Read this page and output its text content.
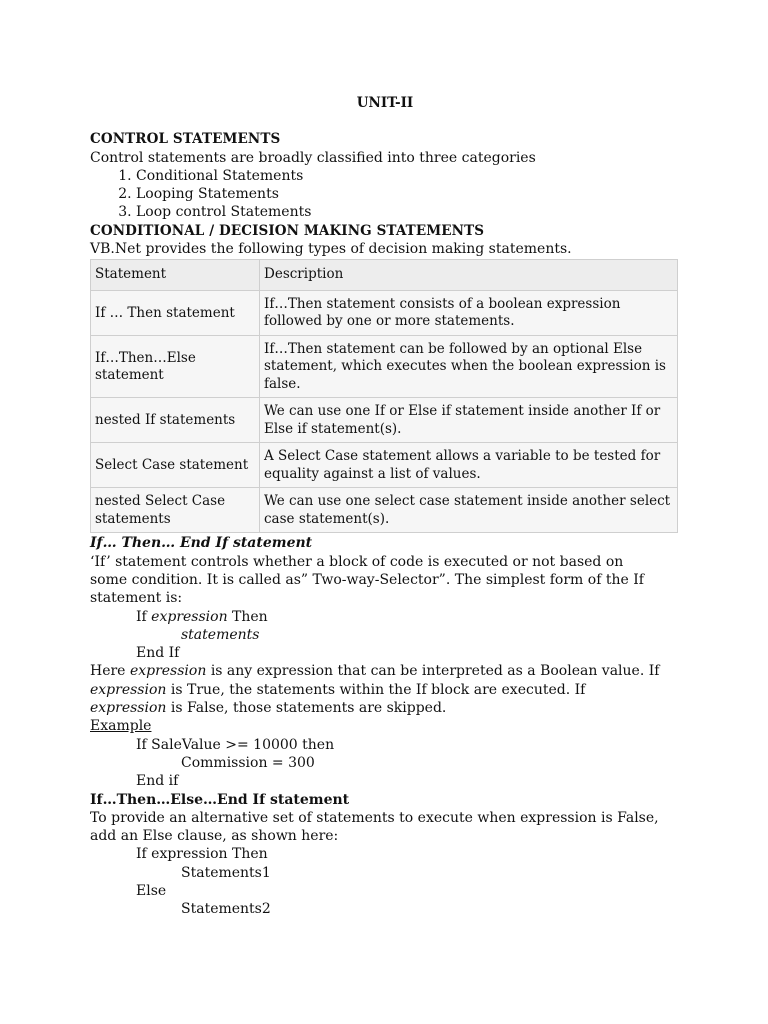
UNIT-II
CONTROL STATEMENTS
Control statements are broadly classified into three categories
1. Conditional Statements
2. Looping Statements
3. Loop control Statements
CONDITIONAL / DECISION MAKING STATEMENTS
VB.Net provides the following types of decision making statements.
Statement	Description
If … Then statement	If…Then statement consists of a boolean expression followed by one or more statements.
If…Then…Else statement	If…Then statement can be followed by an optional Else statement, which executes when the boolean expression is false.
nested If statements	We can use one If or Else if statement inside another If or Else if statement(s).
Select Case statement	A Select Case statement allows a variable to be tested for equality against a list of values.
nested Select Case statements	We can use one select case statement inside another select case statement(s).
If… Then… End If statement
‘If’ statement controls whether a block of code is executed or not based on
some condition. It is called as” Two-way-Selector”. The simplest form of the If
statement is:
If expression Then
statements
End If
Here expression is any expression that can be interpreted as a Boolean value. If
expression is True, the statements within the If block are executed. If
expression is False, those statements are skipped.
Example
If SaleValue >= 10000 then
Commission = 300
End if
If…Then…Else…End If statement
To provide an alternative set of statements to execute when expression is False,
add an Else clause, as shown here:
If expression Then
Statements1
Else
Statements2
